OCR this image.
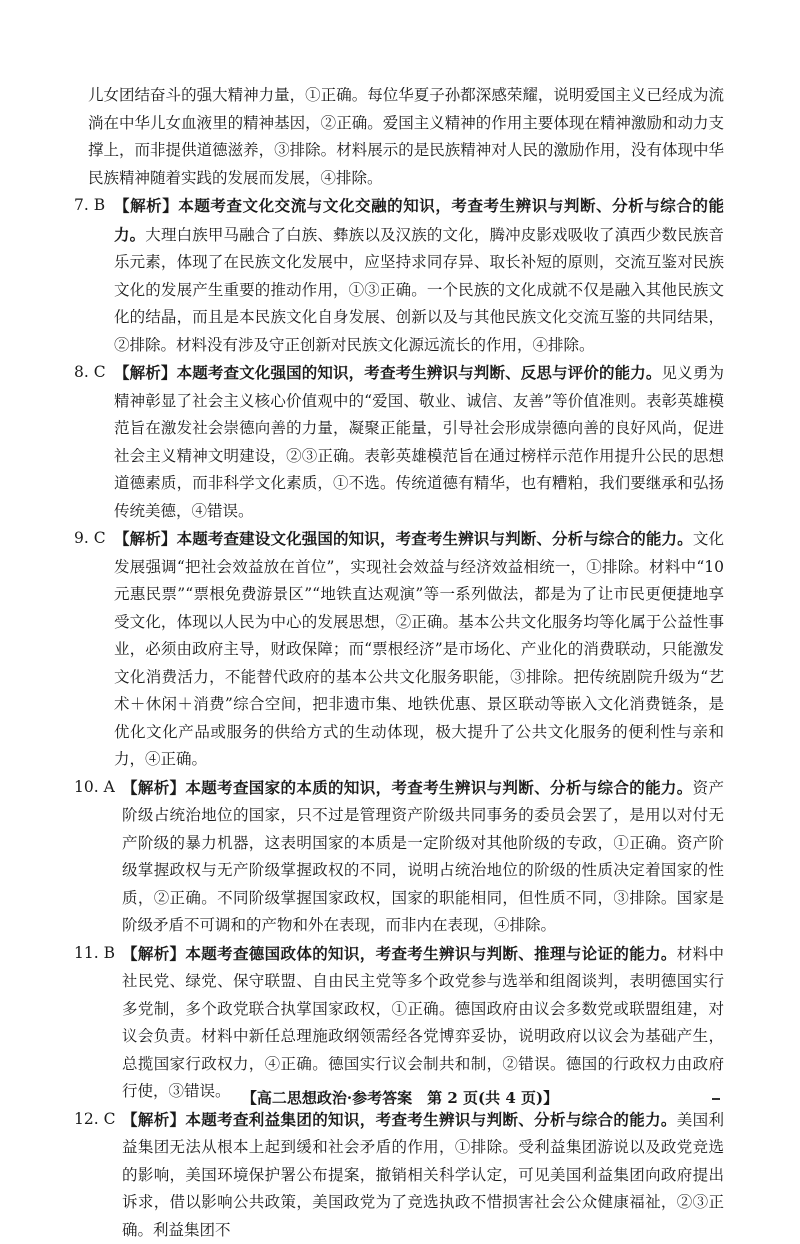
儿女团结奋斗的强大精神力量，①正确。每位华夏子孙都深感荣耀，说明爱国主义已经成为流淌在中华儿女血液里的精神基因，②正确。爱国主义精神的作用主要体现在精神激励和动力支撑上，而非提供道德滋养，③排除。材料展示的是民族精神对人民的激励作用，没有体现中华民族精神随着实践的发展而发展，④排除。

7. B 【解析】本题考查文化交流与文化交融的知识，考查考生辨识与判断、分析与综合的能力。大理白族甲马融合了白族、彝族以及汉族的文化，腾冲皮影戏吸收了滇西少数民族音乐元素，体现了在民族文化发展中，应坚持求同存异、取长补短的原则，交流互鉴对民族文化的发展产生重要的推动作用，①③正确。一个民族的文化成就不仅是融入其他民族文化的结晶，而且是本民族文化自身发展、创新以及与其他民族文化交流互鉴的共同结果，②排除。材料没有涉及守正创新对民族文化源远流长的作用，④排除。

8. C 【解析】本题考查文化强国的知识，考查考生辨识与判断、反思与评价的能力。见义勇为精神彰显了社会主义核心价值观中的“爱国、敬业、诚信、友善”等价值准则。表彰英雄模范旨在激发社会崇德向善的力量，凝聚正能量，引导社会形成崇德向善的良好风尚，促进社会主义精神文明建设，②③正确。表彰英雄模范旨在通过榜样示范作用提升公民的思想道德素质，而非科学文化素质，①不选。传统道德有精华，也有糟粕，我们要继承和弘扬传统美德，④错误。

9. C 【解析】本题考查建设文化强国的知识，考查考生辨识与判断、分析与综合的能力。文化发展强调“把社会效益放在首位”，实现社会效益与经济效益相统一，①排除。材料中“10元惠民票”“票根免费游景区”“地铁直达观演”等一系列做法，都是为了让市民更便捷地享受文化，体现以人民为中心的发展思想，②正确。基本公共文化服务均等化属于公益性事业，必须由政府主导，财政保障；而“票根经济”是市场化、产业化的消费联动，只能激发文化消费活力，不能替代政府的基本公共文化服务职能，③排除。把传统剧院升级为“艺术＋休闲＋消费”综合空间，把非遗市集、地铁优惠、景区联动等嵌入文化消费链条，是优化文化产品或服务的供给方式的生动体现，极大提升了公共文化服务的便利性与亲和力，④正确。

10. A 【解析】本题考查国家的本质的知识，考查考生辨识与判断、分析与综合的能力。资产阶级占统治地位的国家，只不过是管理资产阶级共同事务的委员会罢了，是用以对付无产阶级的暴力机器，这表明国家的本质是一定阶级对其他阶级的专政，①正确。资产阶级掌握政权与无产阶级掌握政权的不同，说明占统治地位的阶级的性质决定着国家的性质，②正确。不同阶级掌握国家政权，国家的职能相同，但性质不同，③排除。国家是阶级矛盾不可调和的产物和外在表现，而非内在表现，④排除。

11. B 【解析】本题考查德国政体的知识，考查考生辨识与判断、推理与论证的能力。材料中社民党、绿党、保守联盟、自由民主党等多个政党参与选举和组阁谈判，表明德国实行多党制，多个政党联合执掌国家政权，①正确。德国政府由议会多数党或联盟组建，对议会负责。材料中新任总理施政纲领需经各党博弈妥协，说明政府以议会为基础产生，总揽国家行政权力，④正确。德国实行议会制共和制，②错误。德国的行政权力由政府行使，③错误。

12. C 【解析】本题考查利益集团的知识，考查考生辨识与判断、分析与综合的能力。美国利益集团无法从根本上起到缓和社会矛盾的作用，①排除。受利益集团游说以及政党竞选的影响，美国环境保护署公布提案，撤销相关科学认定，可见美国利益集团向政府提出诉求，借以影响公共政策，美国政党为了竞选执政不惜损害社会公众健康福祉，②③正确。利益集团不

【高二思想政治·参考答案　第 2 页(共 4 页)】
